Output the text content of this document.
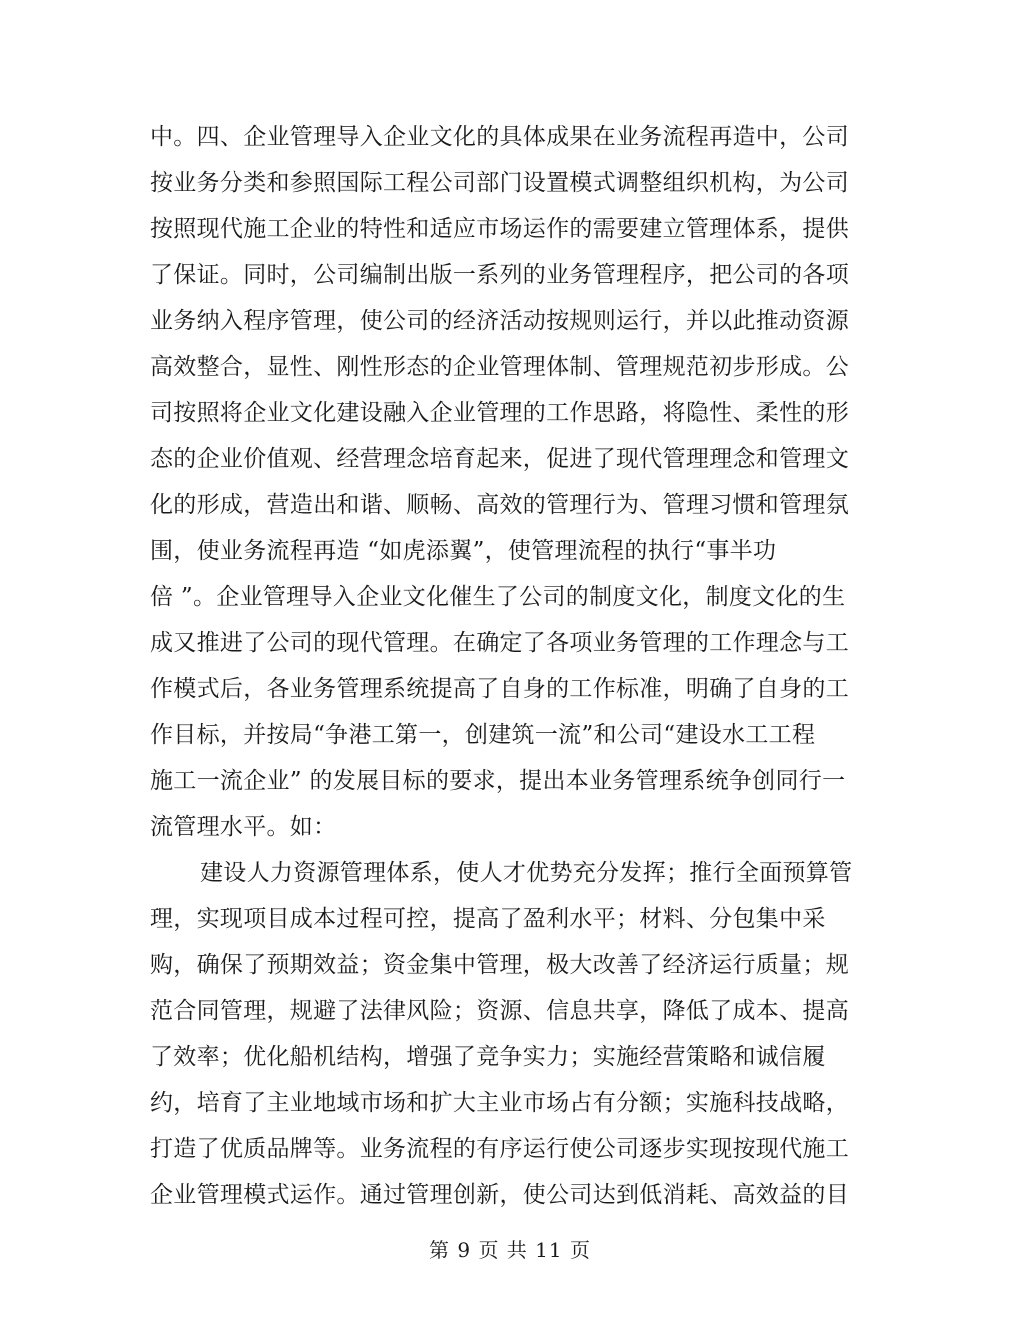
中。四、企业管理导入企业文化的具体成果在业务流程再造中，公司
按业务分类和参照国际工程公司部门设置模式调整组织机构，为公司
按照现代施工企业的特性和适应市场运作的需要建立管理体系，提供
了保证。同时，公司编制出版一系列的业务管理程序，把公司的各项
业务纳入程序管理，使公司的经济活动按规则运行，并以此推动资源
高效整合，显性、刚性形态的企业管理体制、管理规范初步形成。公
司按照将企业文化建设融入企业管理的工作思路，将隐性、柔性的形
态的企业价值观、经营理念培育起来，促进了现代管理理念和管理文
化的形成，营造出和谐、顺畅、高效的管理行为、管理习惯和管理氛
围，使业务流程再造 “如虎添翼”，使管理流程的执行“事半功
倍 ”。企业管理导入企业文化催生了公司的制度文化，制度文化的生
成又推进了公司的现代管理。在确定了各项业务管理的工作理念与工
作模式后，各业务管理系统提高了自身的工作标准，明确了自身的工
作目标，并按局“争港工第一，创建筑一流”和公司“建设水工工程
施工一流企业” 的发展目标的要求，提出本业务管理系统争创同行一
流管理水平。如：
建设人力资源管理体系，使人才优势充分发挥；推行全面预算管
理，实现项目成本过程可控，提高了盈利水平；材料、分包集中采
购，确保了预期效益；资金集中管理，极大改善了经济运行质量；规
范合同管理，规避了法律风险；资源、信息共享，降低了成本、提高
了效率；优化船机结构，增强了竞争实力；实施经营策略和诚信履
约，培育了主业地域市场和扩大主业市场占有分额；实施科技战略，
打造了优质品牌等。业务流程的有序运行使公司逐步实现按现代施工
企业管理模式运作。通过管理创新，使公司达到低消耗、高效益的目
第 9 页 共 11 页
